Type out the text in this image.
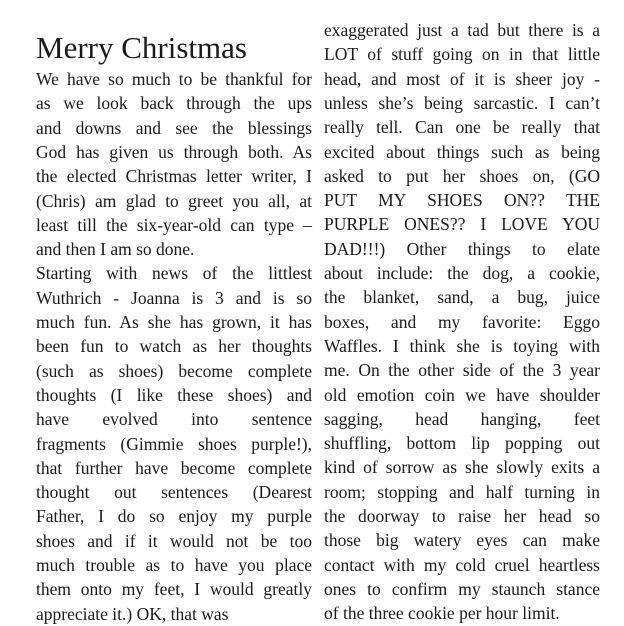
Merry Christmas
We have so much to be thankful for
as we look back through the ups
and downs and see the blessings
God has given us through both. As
the elected Christmas letter writer, I
(Chris) am glad to greet you all, at
least till the six-year-old can type –
and then I am so done.
Starting with news of the littlest
Wuthrich - Joanna is 3 and is so
much fun. As she has grown, it has
been fun to watch as her thoughts
(such as shoes) become complete
thoughts (I like these shoes) and
have evolved into sentence
fragments (Gimmie shoes purple!),
that further have become complete
thought out sentences (Dearest
Father, I do so enjoy my purple
shoes and if it would not be too
much trouble as to have you place
them onto my feet, I would greatly
appreciate it.) OK, that was
exaggerated just a tad but there is a
LOT of stuff going on in that little
head, and most of it is sheer joy -
unless she’s being sarcastic. I can’t
really tell. Can one be really that
excited about things such as being
asked to put her shoes on, (GO
PUT MY SHOES ON?? THE
PURPLE ONES?? I LOVE YOU
DAD!!!) Other things to elate
about include: the dog, a cookie,
the blanket, sand, a bug, juice
boxes, and my favorite: Eggo
Waffles. I think she is toying with
me. On the other side of the 3 year
old emotion coin we have shoulder
sagging, head hanging, feet
shuffling, bottom lip popping out
kind of sorrow as she slowly exits a
room; stopping and half turning in
the doorway to raise her head so
those big watery eyes can make
contact with my cold cruel heartless
ones to confirm my staunch stance
of the three cookie per hour limit.
